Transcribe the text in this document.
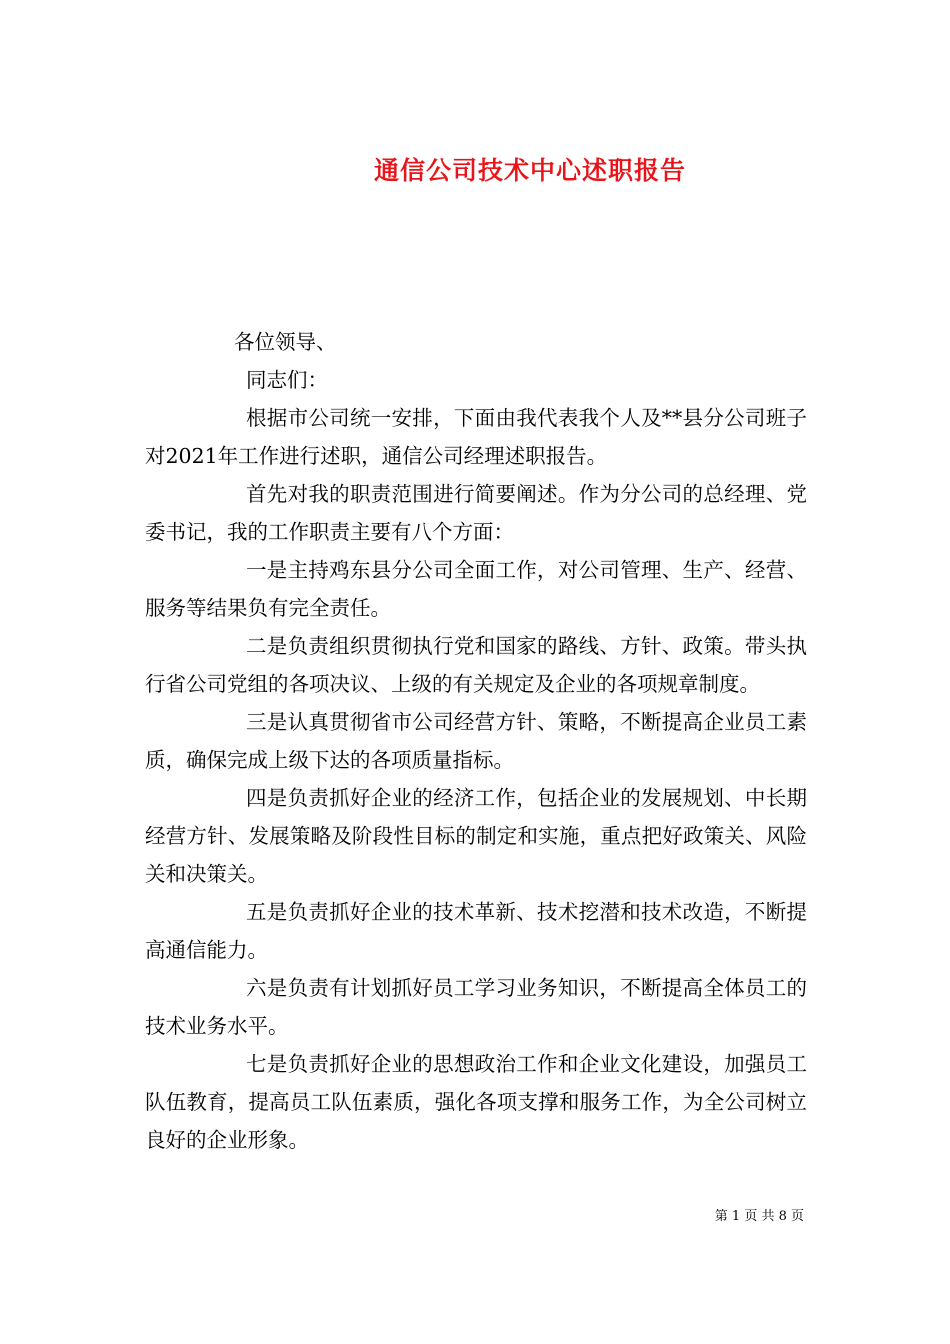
通信公司技术中心述职报告

各位领导、

同志们：

根据市公司统一安排，下面由我代表我个人及**县分公司班子对2021年工作进行述职，通信公司经理述职报告。

首先对我的职责范围进行简要阐述。作为分公司的总经理、党委书记，我的工作职责主要有八个方面：

一是主持鸡东县分公司全面工作，对公司管理、生产、经营、服务等结果负有完全责任。

二是负责组织贯彻执行党和国家的路线、方针、政策。带头执行省公司党组的各项决议、上级的有关规定及企业的各项规章制度。

三是认真贯彻省市公司经营方针、策略，不断提高企业员工素质，确保完成上级下达的各项质量指标。

四是负责抓好企业的经济工作，包括企业的发展规划、中长期经营方针、发展策略及阶段性目标的制定和实施，重点把好政策关、风险关和决策关。

五是负责抓好企业的技术革新、技术挖潜和技术改造，不断提高通信能力。

六是负责有计划抓好员工学习业务知识，不断提高全体员工的技术业务水平。

七是负责抓好企业的思想政治工作和企业文化建设，加强员工队伍教育，提高员工队伍素质，强化各项支撑和服务工作，为全公司树立良好的企业形象。

第 1 页 共 8 页
